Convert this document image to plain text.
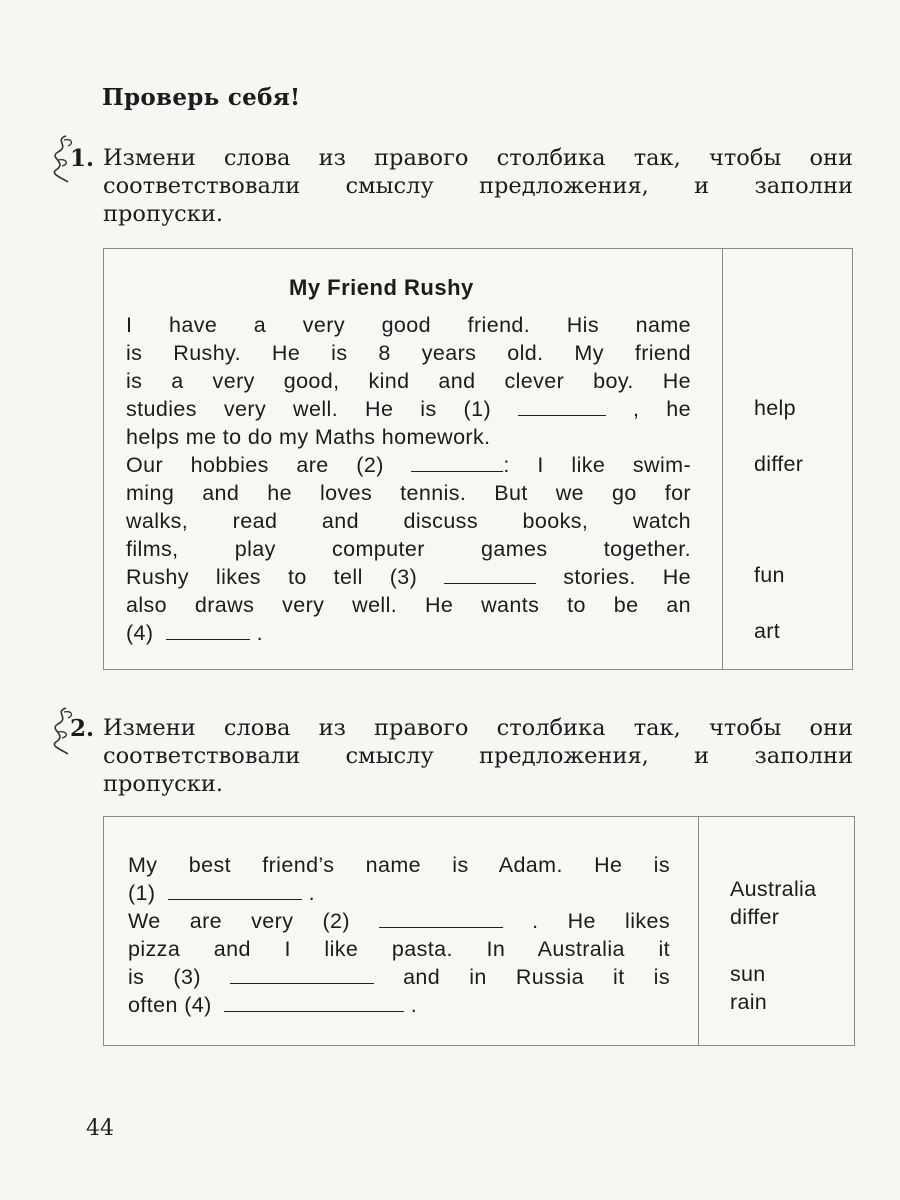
Проверь себя!
1. Измени слова из правого столбика так, чтобы они
соответствовали смыслу предложения, и заполни
пропуски.
My Friend Rushy
I have a very good friend. His name
is Rushy. He is 8 years old. My friend
is a very good, kind and clever boy. He
studies very well. He is (1)	, he
helps me to do my Maths homework.
Our hobbies are (2)	: I like swim-
ming and he loves tennis. But we go for
walks, read and discuss books, watch
films, play computer games together.
Rushy likes to tell (3)	stories. He
also draws very well. He wants to be an
(4)	.
help
differ
fun
art
2. Измени слова из правого столбика так, чтобы они
соответствовали смыслу предложения, и заполни
пропуски.
My best friend’s name is Adam. He is
(1)	.
We are very (2)	. He likes
pizza and I like pasta. In Australia it
is (3)	and in Russia it is
often (4)	.
Australia
differ
sun
rain
44
